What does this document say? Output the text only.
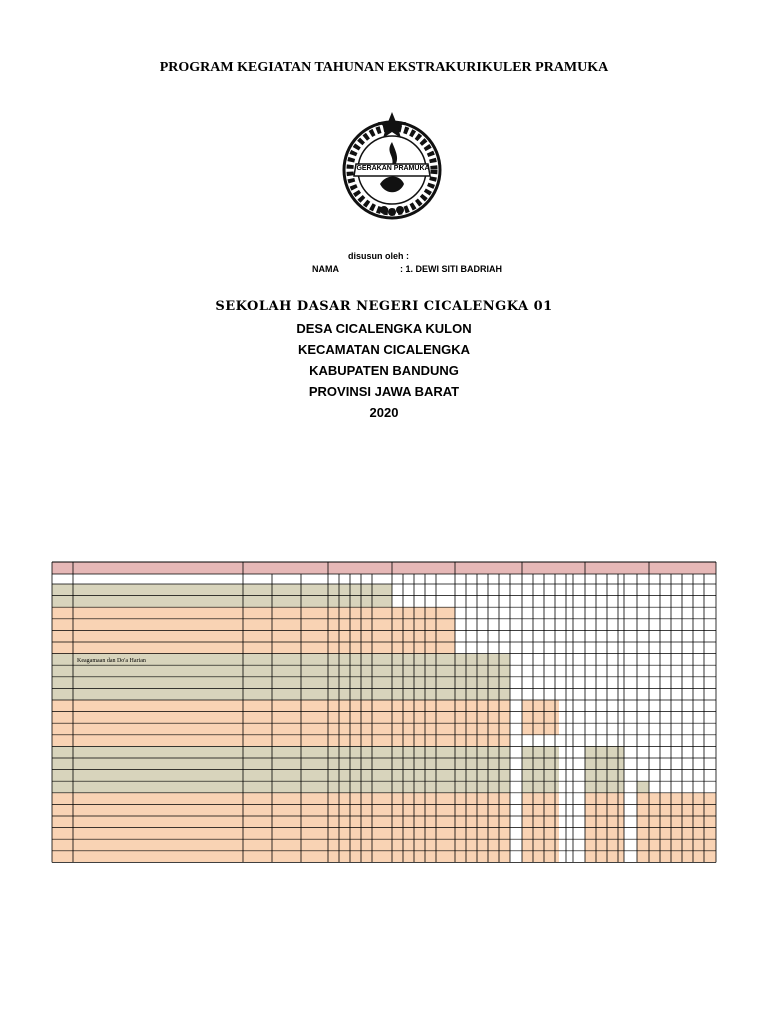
PROGRAM KEGIATAN TAHUNAN EKSTRAKURIKULER PRAMUKA
GERAKAN PRAMUKA
disusun oleh :
NAMA	: 1. DEWI SITI BADRIAH
SEKOLAH DASAR NEGERI CICALENGKA 01
DESA CICALENGKA KULON
KECAMATAN CICALENGKA
KABUPATEN BANDUNG
PROVINSI JAWA BARAT
2020
Keagamaan dan Do'a Harian
